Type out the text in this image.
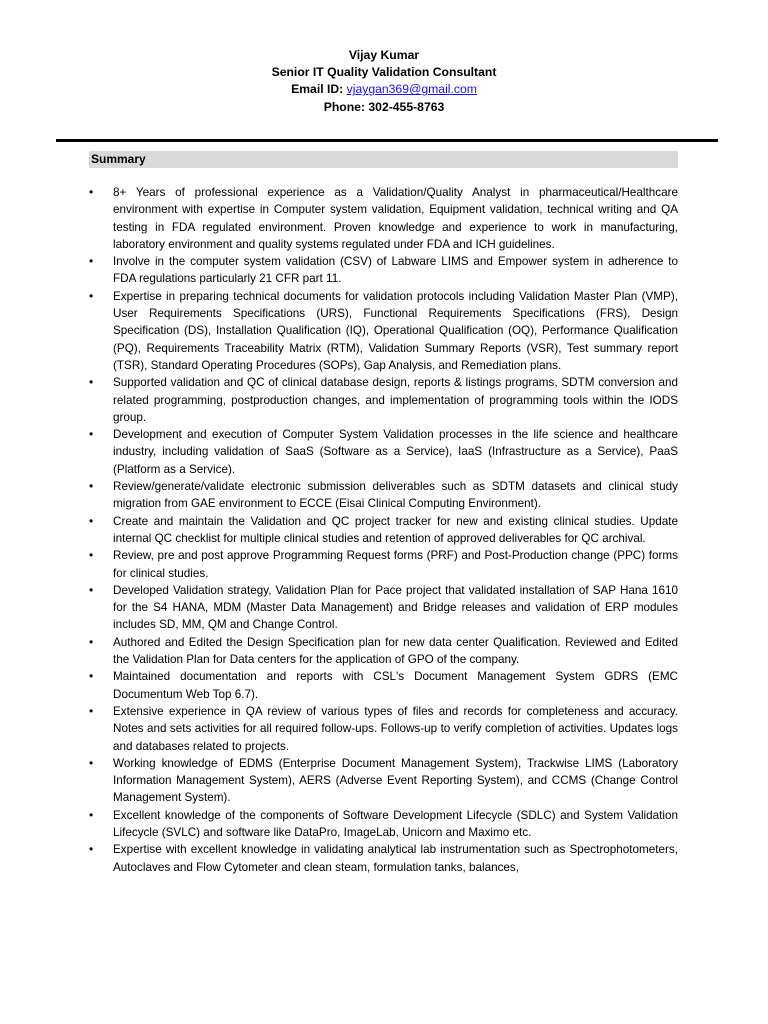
Vijay Kumar
Senior IT Quality Validation Consultant
Email ID: vjaygan369@gmail.com
Phone: 302-455-8763
Summary
•	8+ Years of professional experience as a Validation/Quality Analyst in pharmaceutical/Healthcare environment with expertise in Computer system validation, Equipment validation, technical writing and QA testing in FDA regulated environment. Proven knowledge and experience to work in manufacturing, laboratory environment and quality systems regulated under FDA and ICH guidelines.
•	Involve in the computer system validation (CSV) of Labware LIMS and Empower system in adherence to FDA regulations particularly 21 CFR part 11.
•	Expertise in preparing technical documents for validation protocols including Validation Master Plan (VMP), User Requirements Specifications (URS), Functional Requirements Specifications (FRS), Design Specification (DS), Installation Qualification (IQ), Operational Qualification (OQ), Performance Qualification (PQ), Requirements Traceability Matrix (RTM), Validation Summary Reports (VSR), Test summary report (TSR), Standard Operating Procedures (SOPs), Gap Analysis, and Remediation plans.
•	Supported validation and QC of clinical database design, reports & listings programs, SDTM conversion and related programming, postproduction changes, and implementation of programming tools within the IODS group.
•	Development and execution of Computer System Validation processes in the life science and healthcare industry, including validation of SaaS (Software as a Service), IaaS (Infrastructure as a Service), PaaS (Platform as a Service).
•	Review/generate/validate electronic submission deliverables such as SDTM datasets and clinical study migration from GAE environment to ECCE (Eisai Clinical Computing Environment).
•	Create and maintain the Validation and QC project tracker for new and existing clinical studies. Update internal QC checklist for multiple clinical studies and retention of approved deliverables for QC archival.
•	Review, pre and post approve Programming Request forms (PRF) and Post-Production change (PPC) forms for clinical studies.
•	Developed Validation strategy, Validation Plan for Pace project that validated installation of SAP Hana 1610 for the S4 HANA, MDM (Master Data Management) and Bridge releases and validation of ERP modules includes SD, MM, QM and Change Control.
•	Authored and Edited the Design Specification plan for new data center Qualification. Reviewed and Edited the Validation Plan for Data centers for the application of GPO of the company.
•	Maintained documentation and reports with CSL's Document Management System GDRS (EMC Documentum Web Top 6.7).
•	Extensive experience in QA review of various types of files and records for completeness and accuracy. Notes and sets activities for all required follow-ups. Follows-up to verify completion of activities. Updates logs and databases related to projects.
•	Working knowledge of EDMS (Enterprise Document Management System), Trackwise LIMS (Laboratory Information Management System), AERS (Adverse Event Reporting System), and CCMS (Change Control Management System).
•	Excellent knowledge of the components of Software Development Lifecycle (SDLC) and System Validation Lifecycle (SVLC) and software like DataPro, ImageLab, Unicorn and Maximo etc.
•	Expertise with excellent knowledge in validating analytical lab instrumentation such as Spectrophotometers, Autoclaves and Flow Cytometer and clean steam, formulation tanks, balances,
